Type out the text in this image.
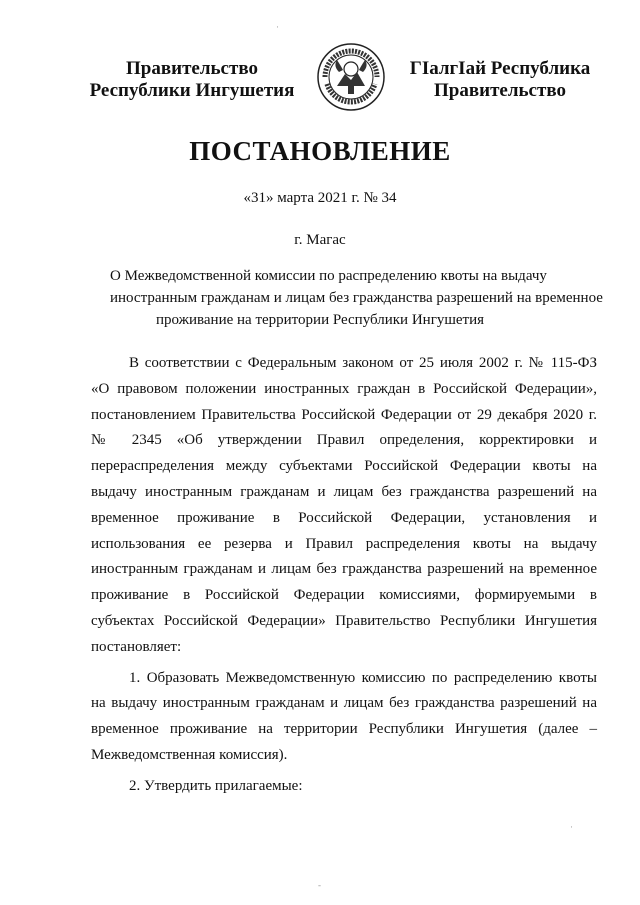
Правительство
Республики Ингушетия
ГIалгIай Республика
Правительство
ПОСТАНОВЛЕНИЕ
«31» марта 2021 г. № 34
г. Магас
О Межведомственной комиссии по распределению квоты на выдачу
иностранным гражданам и лицам без гражданства разрешений на временное
проживание на территории Республики Ингушетия
В соответствии с Федеральным законом от 25 июля 2002 г. № 115-ФЗ
«О правовом положении иностранных граждан в Российской Федерации»,
постановлением Правительства Российской Федерации от 29 декабря 2020 г.
№ 2345 «Об утверждении Правил определения, корректировки и
перераспределения между субъектами Российской Федерации квоты на
выдачу иностранным гражданам и лицам без гражданства разрешений на
временное проживание в Российской Федерации, установления и
использования ее резерва и Правил распределения квоты на выдачу
иностранным гражданам и лицам без гражданства разрешений на временное
проживание в Российской Федерации комиссиями, формируемыми в
субъектах Российской Федерации» Правительство Республики Ингушетия
постановляет:
1. Образовать Межведомственную комиссию по распределению квоты
на выдачу иностранным гражданам и лицам без гражданства разрешений на
временное проживание на территории Республики Ингушетия (далее –
Межведомственная комиссия).
2. Утвердить прилагаемые:
·
·
-
